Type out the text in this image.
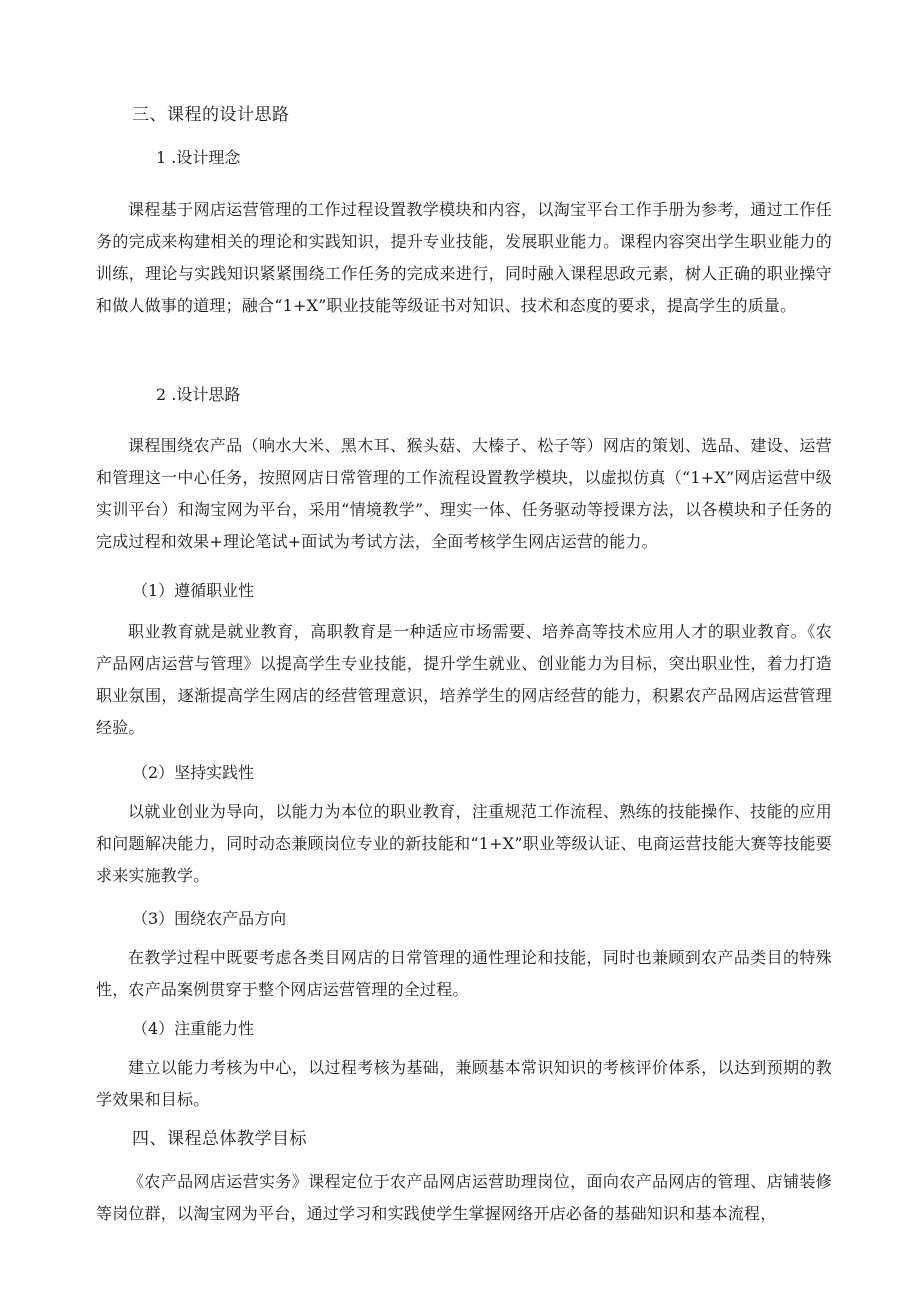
三、课程的设计思路
1 .设计理念
课程基于网店运营管理的工作过程设置教学模块和内容，以淘宝平台工作手册为参考，通过工作任务的完成来构建相关的理论和实践知识，提升专业技能，发展职业能力。课程内容突出学生职业能力的训练，理论与实践知识紧紧围绕工作任务的完成来进行，同时融入课程思政元素，树人正确的职业操守和做人做事的道理；融合“1+X”职业技能等级证书对知识、技术和态度的要求，提高学生的质量。
2 .设计思路
课程围绕农产品（响水大米、黑木耳、猴头菇、大榛子、松子等）网店的策划、选品、建设、运营和管理这一中心任务，按照网店日常管理的工作流程设置教学模块，以虚拟仿真（“1+X”网店运营中级实训平台）和淘宝网为平台，采用“情境教学”、理实一体、任务驱动等授课方法，以各模块和子任务的完成过程和效果+理论笔试+面试为考试方法，全面考核学生网店运营的能力。
（1）遵循职业性
职业教育就是就业教育，高职教育是一种适应市场需要、培养高等技术应用人才的职业教育。《农产品网店运营与管理》以提高学生专业技能，提升学生就业、创业能力为目标，突出职业性，着力打造职业氛围，逐渐提高学生网店的经营管理意识，培养学生的网店经营的能力，积累农产品网店运营管理经验。
（2）坚持实践性
以就业创业为导向，以能力为本位的职业教育，注重规范工作流程、熟练的技能操作、技能的应用和问题解决能力，同时动态兼顾岗位专业的新技能和“1+X”职业等级认证、电商运营技能大赛等技能要求来实施教学。
（3）围绕农产品方向
在教学过程中既要考虑各类目网店的日常管理的通性理论和技能，同时也兼顾到农产品类目的特殊性，农产品案例贯穿于整个网店运营管理的全过程。
（4）注重能力性
建立以能力考核为中心，以过程考核为基础，兼顾基本常识知识的考核评价体系，以达到预期的教学效果和目标。
四、课程总体教学目标
《农产品网店运营实务》课程定位于农产品网店运营助理岗位，面向农产品网店的管理、店铺装修等岗位群，以淘宝网为平台，通过学习和实践使学生掌握网络开店必备的基础知识和基本流程，
